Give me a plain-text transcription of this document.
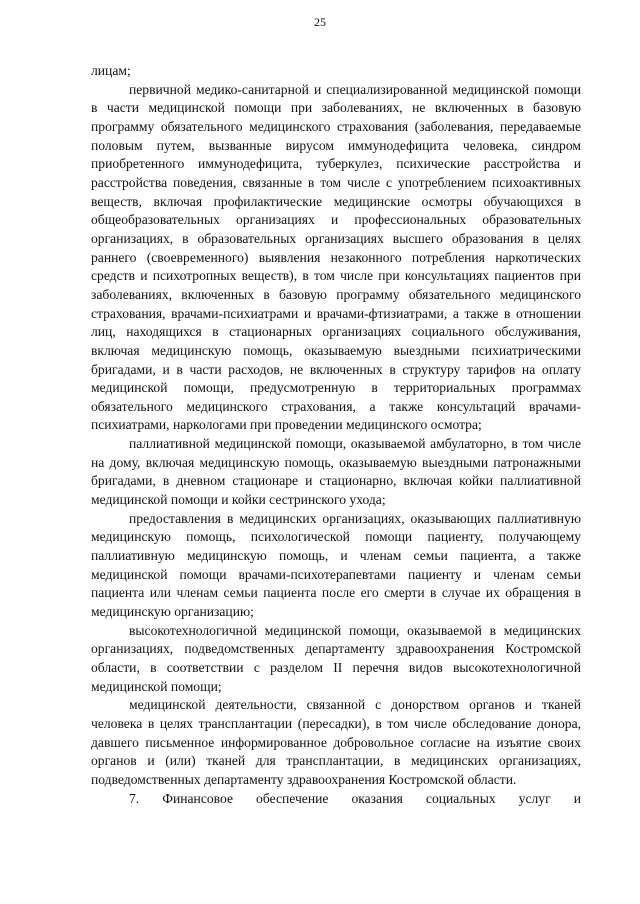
25

лицам;

первичной медико-санитарной и специализированной медицинской помощи в части медицинской помощи при заболеваниях, не включенных в базовую программу обязательного медицинского страхования (заболевания, передаваемые половым путем, вызванные вирусом иммунодефицита человека, синдром приобретенного иммунодефицита, туберкулез, психические расстройства и расстройства поведения, связанные в том числе с употреблением психоактивных веществ, включая профилактические медицинские осмотры обучающихся в общеобразовательных организациях и профессиональных образовательных организациях, в образовательных организациях высшего образования в целях раннего (своевременного) выявления незаконного потребления наркотических средств и психотропных веществ), в том числе при консультациях пациентов при заболеваниях, включенных в базовую программу обязательного медицинского страхования, врачами-психиатрами и врачами-фтизиатрами, а также в отношении лиц, находящихся в стационарных организациях социального обслуживания, включая медицинскую помощь, оказываемую выездными психиатрическими бригадами, и в части расходов, не включенных в структуру тарифов на оплату медицинской помощи, предусмотренную в территориальных программах обязательного медицинского страхования, а также консультаций врачами-психиатрами, наркологами при проведении медицинского осмотра;

паллиативной медицинской помощи, оказываемой амбулаторно, в том числе на дому, включая медицинскую помощь, оказываемую выездными патронажными бригадами, в дневном стационаре и стационарно, включая койки паллиативной медицинской помощи и койки сестринского ухода;

предоставления в медицинских организациях, оказывающих паллиативную медицинскую помощь, психологической помощи пациенту, получающему паллиативную медицинскую помощь, и членам семьи пациента, а также медицинской помощи врачами-психотерапевтами пациенту и членам семьи пациента или членам семьи пациента после его смерти в случае их обращения в медицинскую организацию;

высокотехнологичной медицинской помощи, оказываемой в медицинских организациях, подведомственных департаменту здравоохранения Костромской области, в соответствии с разделом II перечня видов высокотехнологичной медицинской помощи;

медицинской деятельности, связанной с донорством органов и тканей человека в целях трансплантации (пересадки), в том числе обследование донора, давшего письменное информированное добровольное согласие на изъятие своих органов и (или) тканей для трансплантации, в медицинских организациях, подведомственных департаменту здравоохранения Костромской области.

7. Финансовое обеспечение оказания социальных услуг и
